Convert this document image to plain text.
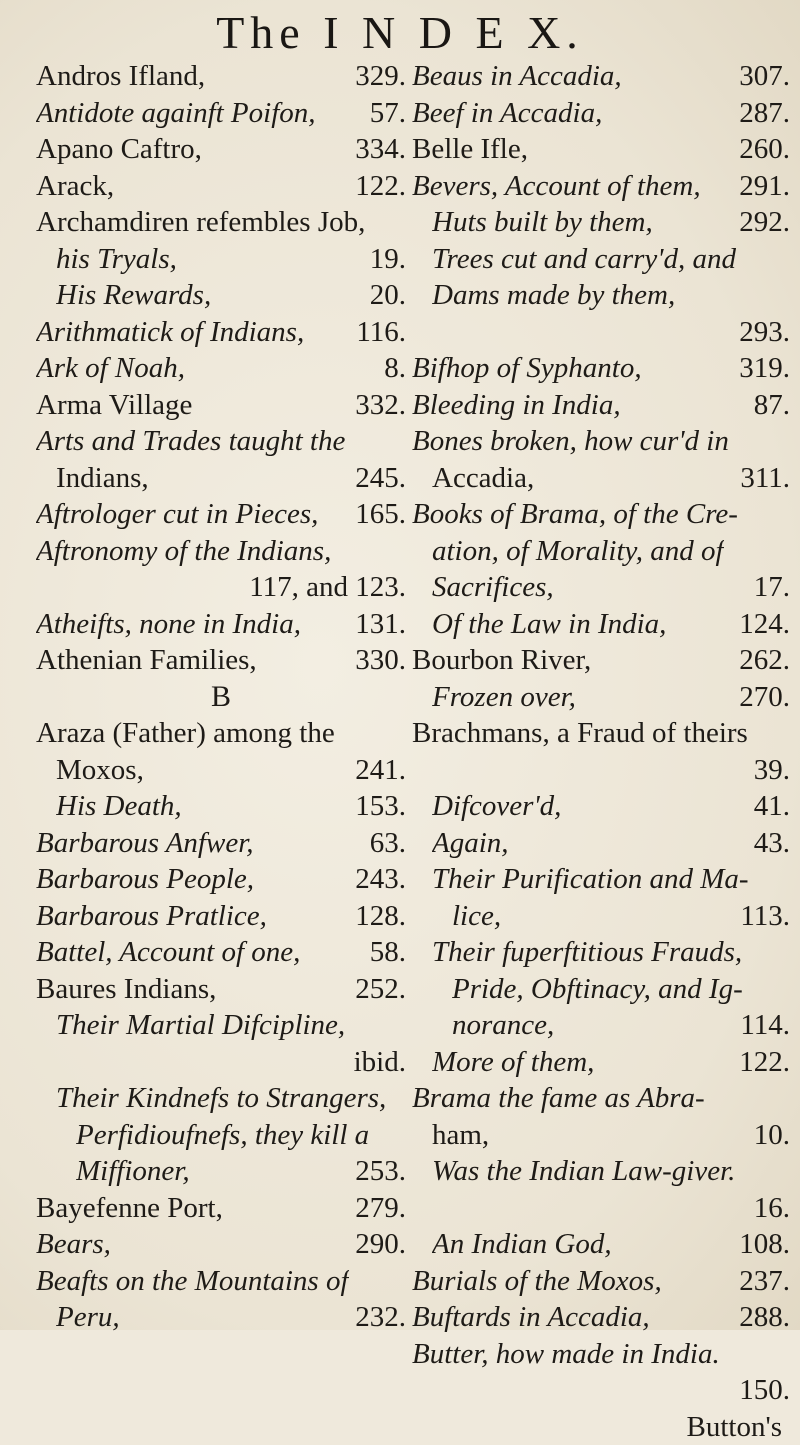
The I N D E X.
Andros Ifland,	329.
Antidote againft Poifon, 57.
Apano Caftro,	334.
Arack,	122.
Archamdiren refembles Job,
his Tryals,	19.
His Rewards,	20.
Arithmatick of Indians, 116.
Ark of Noah,	8.
Arma Village	332.
Arts and Trades taught the
Indians,	245.
Aftrologer cut in Pieces, 165.
Aftronomy of the Indians,
117, and 123.
Atheifts, none in India, 131.
Athenian Families,	330.
B
Araza (Father) among the
Moxos,	241.
His Death,	153.
Barbarous Anfwer,	63.
Barbarous People,	243.
Barbarous Pratlice,	128.
Battel, Account of one, 58.
Baures Indians,	252.
Their Martial Difcipline,
ibid.
Their Kindnefs to Strangers,
Perfidioufnefs, they kill a
Miffioner,	253.
Bayefenne Port,	279.
Bears,	290.
Beafts on the Mountains of
Peru,	232.
Beaus in Accadia,	307.
Beef in Accadia,	287.
Belle Ifle,	260.
Bevers, Account of them, 291.
Huts built by them,	292.
Trees cut and carry'd, and
Dams made by them,
293.
Bifhop of Syphanto,	319.
Bleeding in India,	87.
Bones broken, how cur'd in
Accadia,	311.
Books of Brama, of the Cre-
ation, of Morality, and of
Sacrifices,	17.
Of the Law in India,	124.
Bourbon River,	262.
Frozen over,	270.
Brachmans, a Fraud of theirs
39.
Difcover'd,	41.
Again,	43.
Their Purification and Ma-
lice,	113.
Their fuperftitious Frauds,
Pride, Obftinacy, and Ig-
norance,	114.
More of them,	122.
Brama the fame as Abra-
ham,	10.
Was the Indian Law-giver.
16.
An Indian God,	108.
Burials of the Moxos,	237.
Buftards in Accadia,	288.
Butter, how made in India.
150.
Button's
